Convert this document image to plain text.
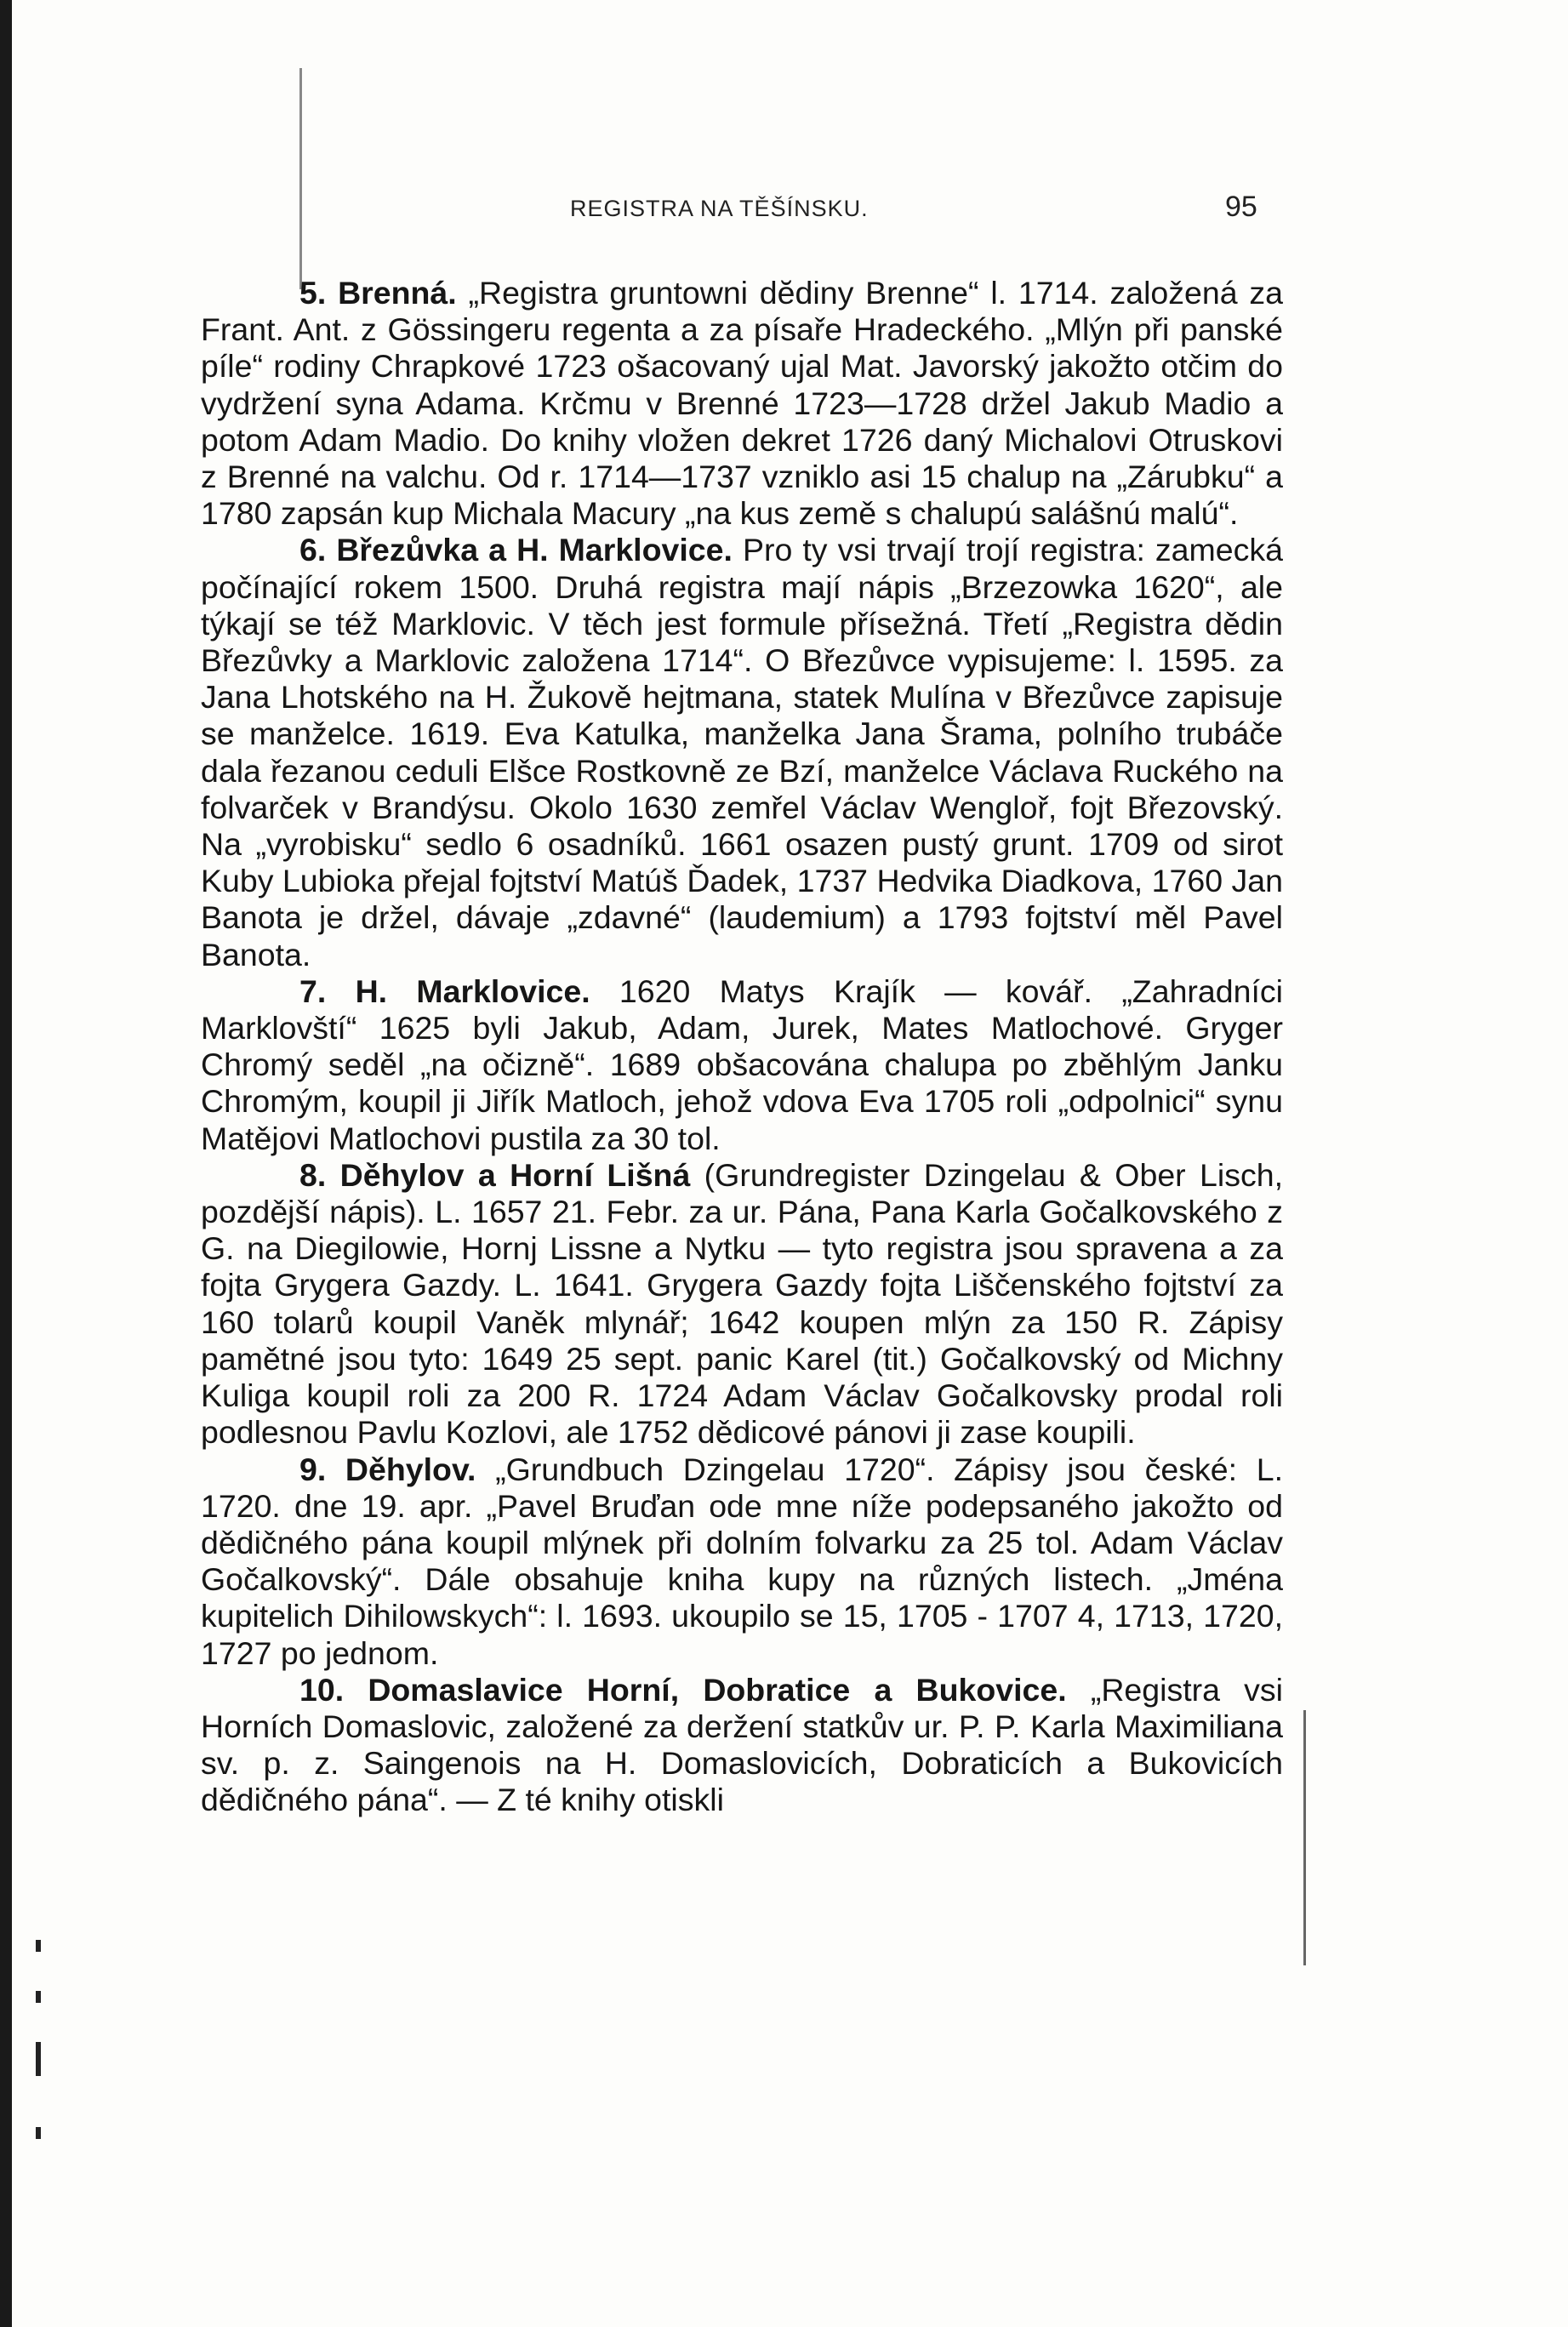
REGISTRA NA TĚŠÍNSKU.	95

5. Brenná. „Registra gruntowni dĕdiny Brenne“ l. 1714. založená za Frant. Ant. z Gössingeru regenta a za písaře Hradeckého. „Mlýn při panské píle“ rodiny Chrapkové 1723 ošacovaný ujal Mat. Javorský jakožto otčim do vydržení syna Adama. Krčmu v Brenné 1723—1728 držel Jakub Madio a potom Adam Madio. Do knihy vložen dekret 1726 daný Michalovi Otruskovi z Brenné na valchu. Od r. 1714—1737 vzniklo asi 15 chalup na „Zárubku“ a 1780 zapsán kup Michala Macury „na kus země s chalupú salášnú malú“.

6. Březůvka a H. Marklovice. Pro ty vsi trvají trojí registra: zamecká počínající rokem 1500. Druhá registra mají nápis „Brzezowka 1620“, ale týkají se též Marklovic. V těch jest formule přísežná. Třetí „Registra dědin Březůvky a Marklovic založena 1714“. O Březůvce vypisujeme: l. 1595. za Jana Lhotského na H. Žukově hejtmana, statek Mulína v Březůvce zapisuje se manželce. 1619. Eva Katulka, manželka Jana Šrama, polního trubáče dala řezanou ceduli Elšce Rostkovně ze Bzí, manželce Václava Ruckého na folvarček v Brandýsu. Okolo 1630 zemřel Václav Wengloř, fojt Březovský. Na „vyrobisku“ sedlo 6 osadníků. 1661 osazen pustý grunt. 1709 od sirot Kuby Lubioka přejal fojtství Matúš Ďadek, 1737 Hedvika Diadkova, 1760 Jan Banota je držel, dávaje „zdavné“ (laudemium) a 1793 fojtství měl Pavel Banota.

7. H. Marklovice. 1620 Matys Krajík — kovář. „Zahradníci Marklovští“ 1625 byli Jakub, Adam, Jurek, Mates Matlochové. Gryger Chromý seděl „na očizně“. 1689 obšacována chalupa po zběhlým Janku Chromým, koupil ji Jiřík Matloch, jehož vdova Eva 1705 roli „odpolnici“ synu Matějovi Matlochovi pustila za 30 tol.

8. Děhylov a Horní Lišná (Grundregister Dzingelau & Ober Lisch, pozdější nápis). L. 1657 21. Febr. za ur. Pána, Pana Karla Gočalkovského z G. na Diegilowie, Hornj Lissne a Nytku — tyto registra jsou spravena a za fojta Grygera Gazdy. L. 1641. Grygera Gazdy fojta Liščenského fojtství za 160 tolarů koupil Vaněk mlynář; 1642 koupen mlýn za 150 R. Zápisy pamětné jsou tyto: 1649 25 sept. panic Karel (tit.) Gočalkovský od Michny Kuliga koupil roli za 200 R. 1724 Adam Václav Gočalkovsky prodal roli podlesnou Pavlu Kozlovi, ale 1752 dědicové pánovi ji zase koupili.

9. Děhylov. „Grundbuch Dzingelau 1720“. Zápisy jsou české: L. 1720. dne 19. apr. „Pavel Bruďan ode mne níže podepsaného jakožto od dědičného pána koupil mlýnek při dolním folvarku za 25 tol. Adam Václav Gočalkovský“. Dále obsahuje kniha kupy na různých listech. „Jména kupitelich Dihilowskych“: l. 1693. ukoupilo se 15, 1705 - 1707 4, 1713, 1720, 1727 po jednom.

10. Domaslavice Horní, Dobratice a Bukovice. „Registra vsi Horních Domaslovic, založené za deržení statkův ur. P. P. Karla Maximiliana sv. p. z. Saingenois na H. Domaslovicích, Dobraticích a Bukovicích dědičného pána“. — Z té knihy otiskli
